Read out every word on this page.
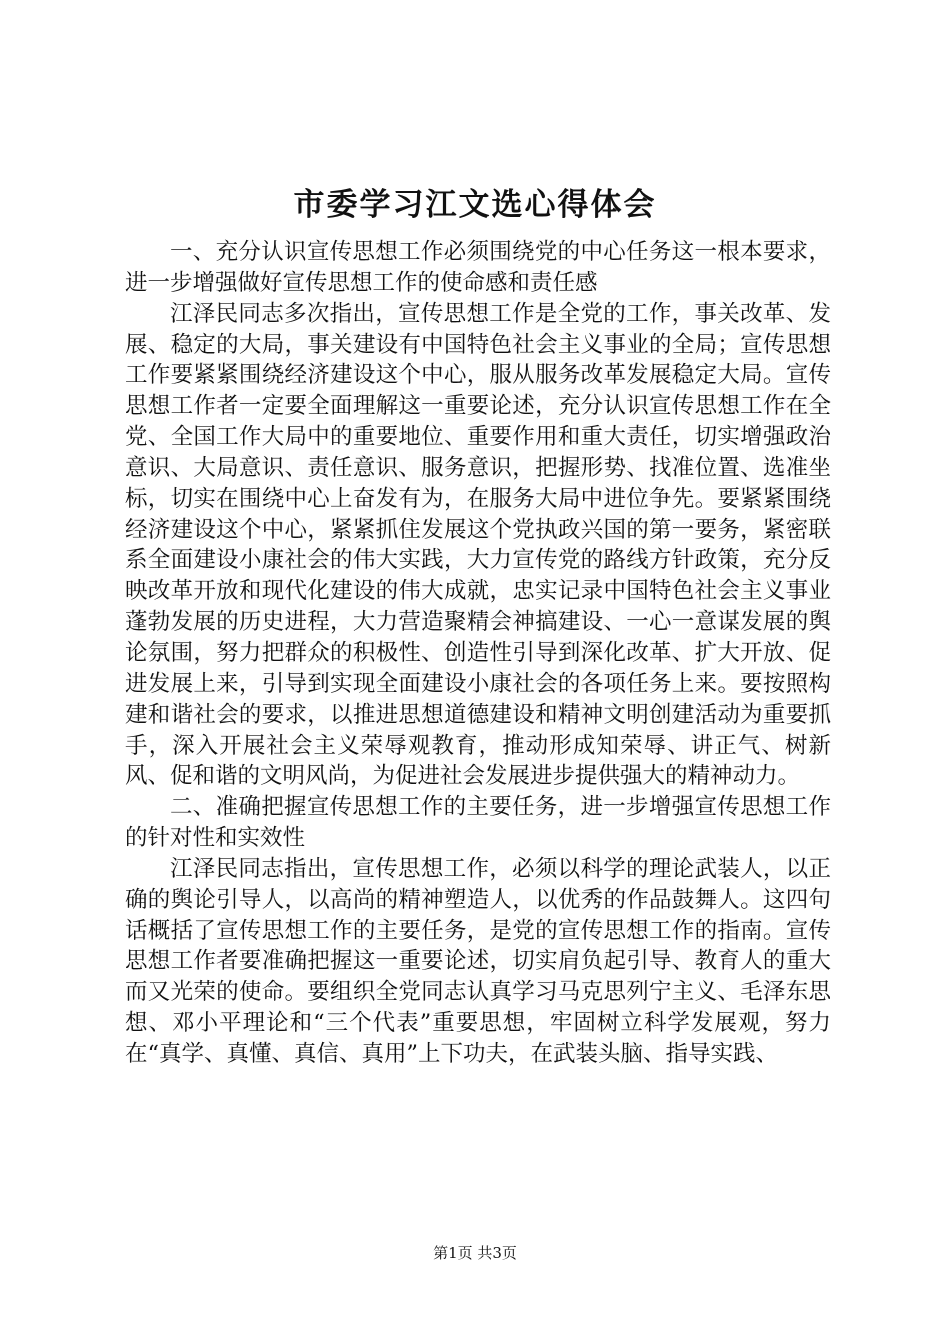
市委学习江文选心得体会

一、充分认识宣传思想工作必须围绕党的中心任务这一根本要求，进一步增强做好宣传思想工作的使命感和责任感

江泽民同志多次指出，宣传思想工作是全党的工作，事关改革、发展、稳定的大局，事关建设有中国特色社会主义事业的全局；宣传思想工作要紧紧围绕经济建设这个中心，服从服务改革发展稳定大局。宣传思想工作者一定要全面理解这一重要论述，充分认识宣传思想工作在全党、全国工作大局中的重要地位、重要作用和重大责任，切实增强政治意识、大局意识、责任意识、服务意识，把握形势、找准位置、选准坐标，切实在围绕中心上奋发有为，在服务大局中进位争先。要紧紧围绕经济建设这个中心，紧紧抓住发展这个党执政兴国的第一要务，紧密联系全面建设小康社会的伟大实践，大力宣传党的路线方针政策，充分反映改革开放和现代化建设的伟大成就，忠实记录中国特色社会主义事业蓬勃发展的历史进程，大力营造聚精会神搞建设、一心一意谋发展的舆论氛围，努力把群众的积极性、创造性引导到深化改革、扩大开放、促进发展上来，引导到实现全面建设小康社会的各项任务上来。要按照构建和谐社会的要求，以推进思想道德建设和精神文明创建活动为重要抓手，深入开展社会主义荣辱观教育，推动形成知荣辱、讲正气、树新风、促和谐的文明风尚，为促进社会发展进步提供强大的精神动力。

二、准确把握宣传思想工作的主要任务，进一步增强宣传思想工作的针对性和实效性

江泽民同志指出，宣传思想工作，必须以科学的理论武装人，以正确的舆论引导人，以高尚的精神塑造人，以优秀的作品鼓舞人。这四句话概括了宣传思想工作的主要任务，是党的宣传思想工作的指南。宣传思想工作者要准确把握这一重要论述，切实肩负起引导、教育人的重大而又光荣的使命。要组织全党同志认真学习马克思列宁主义、毛泽东思想、邓小平理论和“三个代表”重要思想，牢固树立科学发展观，努力在“真学、真懂、真信、真用”上下功夫，在武装头脑、指导实践、

第1页 共3页
